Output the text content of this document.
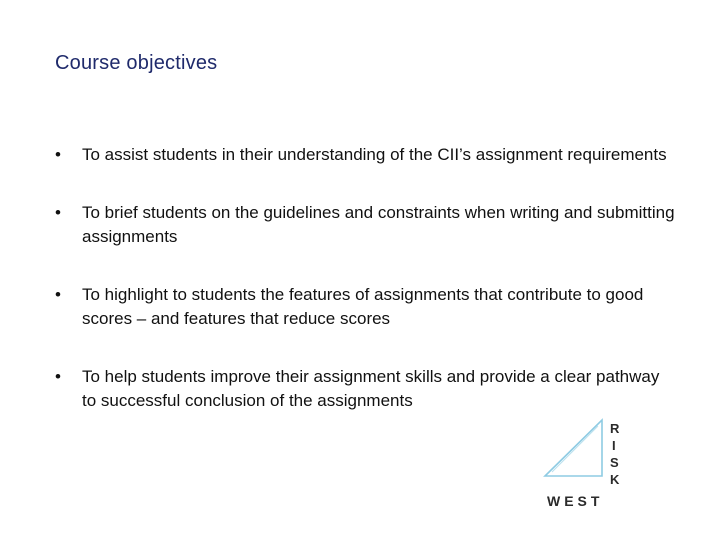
Course objectives
•	To assist students in their understanding of the CII’s assignment requirements
•	To brief students on the guidelines and constraints when writing and submitting assignments
•	To highlight to students the features of assignments that contribute to good scores – and features that reduce scores
•	To help students improve their assignment skills and provide a clear pathway to successful conclusion of the assignments
R
I
S
K
WEST
